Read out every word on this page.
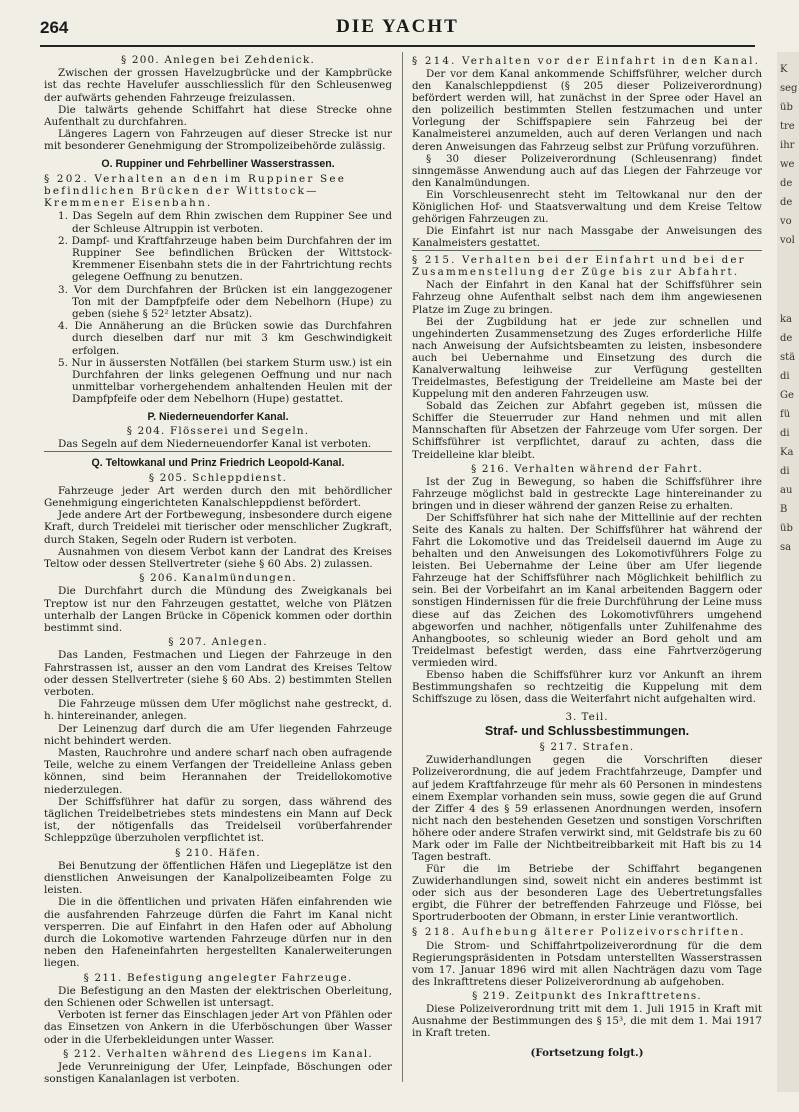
264	DIE YACHT

§ 200. Anlegen bei Zehdenick.

Zwischen der grossen Havelzugbrücke und der Kampbrücke ist das rechte Havelufer ausschliesslich für den Schleusenweg der aufwärts gehenden Fahrzeuge freizulassen.

Die talwärts gehende Schiffahrt hat diese Strecke ohne Aufenthalt zu durchfahren.

Längeres Lagern von Fahrzeugen auf dieser Strecke ist nur mit besonderer Genehmigung der Strompolizeibehörde zulässig.

O. Ruppiner und Fehrbelliner Wasserstrassen.

§ 202. Verhalten an den im Ruppiner See befindlichen Brücken der Wittstock—Kremmener Eisenbahn.

1. Das Segeln auf dem Rhin zwischen dem Ruppiner See und der Schleuse Altruppin ist verboten.

2. Dampf- und Kraftfahrzeuge haben beim Durchfahren der im Ruppiner See befindlichen Brücken der Wittstock-Kremmener Eisenbahn stets die in der Fahrtrichtung rechts gelegene Oeffnung zu benutzen.

3. Vor dem Durchfahren der Brücken ist ein langgezogener Ton mit der Dampfpfeife oder dem Nebelhorn (Hupe) zu geben (siehe § 52² letzter Absatz).

4. Die Annäherung an die Brücken sowie das Durchfahren durch dieselben darf nur mit 3 km Geschwindigkeit erfolgen.

5. Nur in äussersten Notfällen (bei starkem Sturm usw.) ist ein Durchfahren der links gelegenen Oeffnung und nur nach unmittelbar vorhergehendem anhaltenden Heulen mit der Dampfpfeife oder dem Nebelhorn (Hupe) gestattet.

P. Niederneuendorfer Kanal.

§ 204. Flösserei und Segeln.

Das Segeln auf dem Niederneuendorfer Kanal ist verboten.

Q. Teltowkanal und Prinz Friedrich Leopold-Kanal.

§ 205. Schleppdienst.

Fahrzeuge jeder Art werden durch den mit behördlicher Genehmigung eingerichteten Kanalschleppdienst befördert.

Jede andere Art der Fortbewegung, insbesondere durch eigene Kraft, durch Treidelei mit tierischer oder menschlicher Zugkraft, durch Staken, Segeln oder Rudern ist verboten.

Ausnahmen von diesem Verbot kann der Landrat des Kreises Teltow oder dessen Stellvertreter (siehe § 60 Abs. 2) zulassen.

§ 206. Kanalmündungen.

Die Durchfahrt durch die Mündung des Zweigkanals bei Treptow ist nur den Fahrzeugen gestattet, welche von Plätzen unterhalb der Langen Brücke in Cöpenick kommen oder dorthin bestimmt sind.

§ 207. Anlegen.

Das Landen, Festmachen und Liegen der Fahrzeuge in den Fahrstrassen ist, ausser an den vom Landrat des Kreises Teltow oder dessen Stellvertreter (siehe § 60 Abs. 2) bestimmten Stellen verboten.

Die Fahrzeuge müssen dem Ufer möglichst nahe gestreckt, d. h. hintereinander, anlegen.

Der Leinenzug darf durch die am Ufer liegenden Fahrzeuge nicht behindert werden.

Masten, Rauchrohre und andere scharf nach oben aufragende Teile, welche zu einem Verfangen der Treidelleine Anlass geben können, sind beim Herannahen der Treidellokomotive niederzulegen.

Der Schiffsführer hat dafür zu sorgen, dass während des täglichen Treidelbetriebes stets mindestens ein Mann auf Deck ist, der nötigenfalls das Treidelseil vorüberfahrender Schleppzüge überzuholen verpflichtet ist.

§ 210. Häfen.

Bei Benutzung der öffentlichen Häfen und Liegeplätze ist den dienstlichen Anweisungen der Kanalpolizeibeamten Folge zu leisten.

Die in die öffentlichen und privaten Häfen einfahrenden wie die ausfahrenden Fahrzeuge dürfen die Fahrt im Kanal nicht versperren. Die auf Einfahrt in den Hafen oder auf Abholung durch die Lokomotive wartenden Fahrzeuge dürfen nur in den neben den Hafeneinfahrten hergestellten Kanalerweiterungen liegen.

§ 211. Befestigung angelegter Fahrzeuge.

Die Befestigung an den Masten der elektrischen Oberleitung, den Schienen oder Schwellen ist untersagt.

Verboten ist ferner das Einschlagen jeder Art von Pfählen oder das Einsetzen von Ankern in die Uferböschungen über Wasser oder in die Uferbekleidungen unter Wasser.

§ 212. Verhalten während des Liegens im Kanal.

Jede Verunreinigung der Ufer, Leinpfade, Böschungen oder sonstigen Kanalanlagen ist verboten.

§ 214. Verhalten vor der Einfahrt in den Kanal.

Der vor dem Kanal ankommende Schiffsführer, welcher durch den Kanalschleppdienst (§ 205 dieser Polizeiverordnung) befördert werden will, hat zunächst in der Spree oder Havel an den polizeilich bestimmten Stellen festzumachen und unter Vorlegung der Schiffspapiere sein Fahrzeug bei der Kanalmeisterei anzumelden, auch auf deren Verlangen und nach deren Anweisungen das Fahrzeug selbst zur Prüfung vorzuführen.

§ 30 dieser Polizeiverordnung (Schleusenrang) findet sinngemässe Anwendung auch auf das Liegen der Fahrzeuge vor den Kanalmündungen.

Ein Vorschleusenrecht steht im Teltowkanal nur den der Königlichen Hof- und Staatsverwaltung und dem Kreise Teltow gehörigen Fahrzeugen zu.

Die Einfahrt ist nur nach Massgabe der Anweisungen des Kanalmeisters gestattet.

§ 215. Verhalten bei der Einfahrt und bei der Zusammenstellung der Züge bis zur Abfahrt.

Nach der Einfahrt in den Kanal hat der Schiffsführer sein Fahrzeug ohne Aufenthalt selbst nach dem ihm angewiesenen Platze im Zuge zu bringen.

Bei der Zugbildung hat er jede zur schnellen und ungehinderten Zusammensetzung des Zuges erforderliche Hilfe nach Anweisung der Aufsichtsbeamten zu leisten, insbesondere auch bei Uebernahme und Einsetzung des durch die Kanalverwaltung leihweise zur Verfügung gestellten Treidelmastes, Befestigung der Treidelleine am Maste bei der Kuppelung mit den anderen Fahrzeugen usw.

Sobald das Zeichen zur Abfahrt gegeben ist, müssen die Schiffer die Steuerruder zur Hand nehmen und mit allen Mannschaften für Absetzen der Fahrzeuge vom Ufer sorgen. Der Schiffsführer ist verpflichtet, darauf zu achten, dass die Treidelleine klar bleibt.

§ 216. Verhalten während der Fahrt.

Ist der Zug in Bewegung, so haben die Schiffsführer ihre Fahrzeuge möglichst bald in gestreckte Lage hintereinander zu bringen und in dieser während der ganzen Reise zu erhalten.

Der Schiffsführer hat sich nahe der Mittellinie auf der rechten Seite des Kanals zu halten. Der Schiffsführer hat während der Fahrt die Lokomotive und das Treidelseil dauernd im Auge zu behalten und den Anweisungen des Lokomotivführers Folge zu leisten. Bei Uebernahme der Leine über am Ufer liegende Fahrzeuge hat der Schiffsführer nach Möglichkeit behilflich zu sein. Bei der Vorbeifahrt an im Kanal arbeitenden Baggern oder sonstigen Hindernissen für die freie Durchführung der Leine muss diese auf das Zeichen des Lokomotivführers umgehend abgeworfen und nachher, nötigenfalls unter Zuhilfenahme des Anhangbootes, so schleunig wieder an Bord geholt und am Treidelmast befestigt werden, dass eine Fahrtverzögerung vermieden wird.

Ebenso haben die Schiffsführer kurz vor Ankunft an ihrem Bestimmungshafen so rechtzeitig die Kuppelung mit dem Schiffszuge zu lösen, dass die Weiterfahrt nicht aufgehalten wird.

3. Teil.

Straf- und Schlussbestimmungen.

§ 217. Strafen.

Zuwiderhandlungen gegen die Vorschriften dieser Polizeiverordnung, die auf jedem Frachtfahrzeuge, Dampfer und auf jedem Kraftfahrzeuge für mehr als 60 Personen in mindestens einem Exemplar vorhanden sein muss, sowie gegen die auf Grund der Ziffer 4 des § 59 erlassenen Anordnungen werden, insofern nicht nach den bestehenden Gesetzen und sonstigen Vorschriften höhere oder andere Strafen verwirkt sind, mit Geldstrafe bis zu 60 Mark oder im Falle der Nichtbeitreibbarkeit mit Haft bis zu 14 Tagen bestraft.

Für die im Betriebe der Schiffahrt begangenen Zuwiderhandlungen sind, soweit nicht ein anderes bestimmt ist oder sich aus der besonderen Lage des Uebertretungsfalles ergibt, die Führer der betreffenden Fahrzeuge und Flösse, bei Sportruderbooten der Obmann, in erster Linie verantwortlich.

§ 218. Aufhebung älterer Polizeivorschriften.

Die Strom- und Schiffahrtpolizeiverordnung für die dem Regierungspräsidenten in Potsdam unterstellten Wasserstrassen vom 17. Januar 1896 wird mit allen Nachträgen dazu vom Tage des Inkrafttretens dieser Polizeiverordnung ab aufgehoben.

§ 219. Zeitpunkt des Inkrafttretens.

Diese Polizeiverordnung tritt mit dem 1. Juli 1915 in Kraft mit Ausnahme der Bestimmungen des § 15³, die mit dem 1. Mai 1917 in Kraft treten.

(Fortsetzung folgt.)

K
seg
üb
tre
ihr
we
de
de
vo
vol
ka
de
stä
di
Ge
fü
di
Ka
di
au
B
üb
sa
